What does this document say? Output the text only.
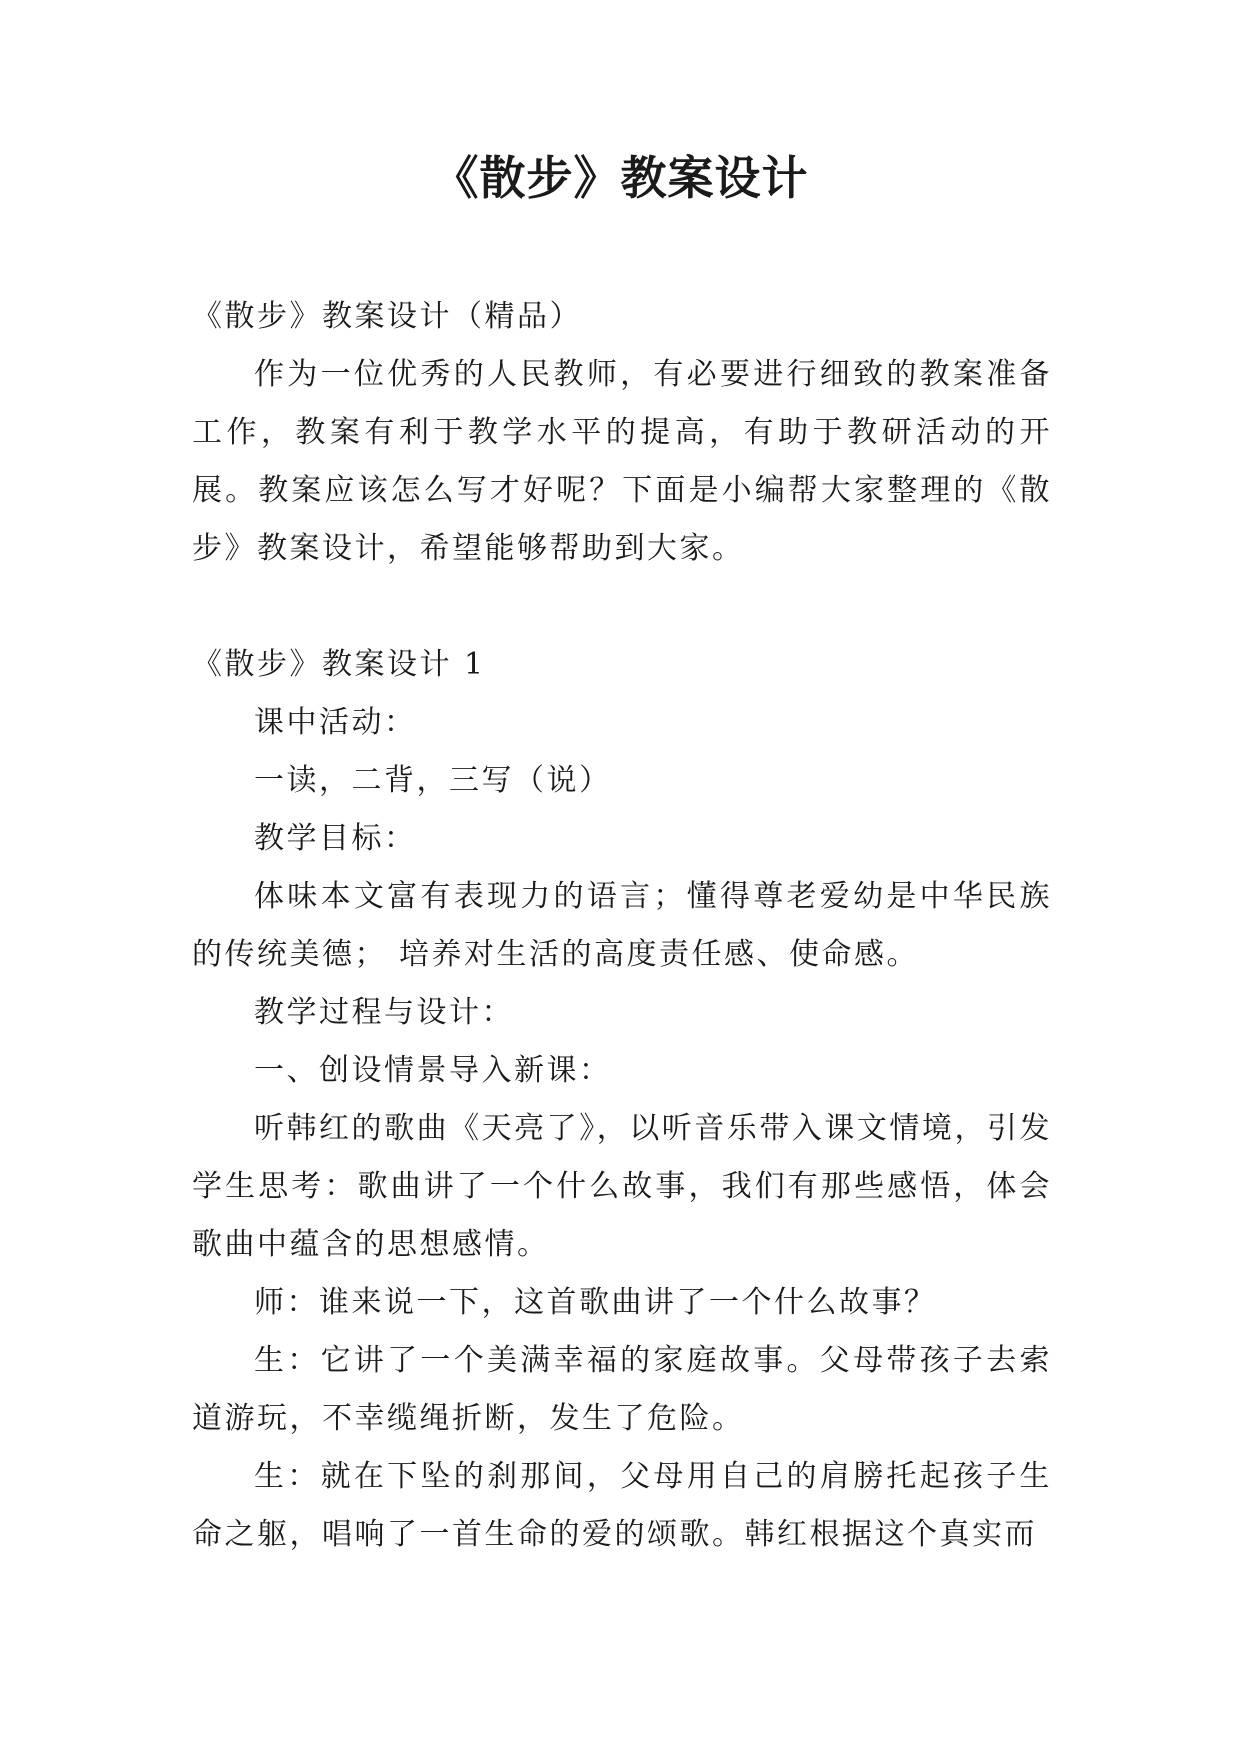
《散步》教案设计

《散步》教案设计（精品）

作为一位优秀的人民教师，有必要进行细致的教案准备工作，教案有利于教学水平的提高，有助于教研活动的开展。教案应该怎么写才好呢？下面是小编帮大家整理的《散步》教案设计，希望能够帮助到大家。

《散步》教案设计 1

课中活动：

一读，二背，三写（说）

教学目标：

体味本文富有表现力的语言；懂得尊老爱幼是中华民族的传统美德； 培养对生活的高度责任感、使命感。

教学过程与设计：

一、创设情景导入新课：

听韩红的歌曲《天亮了》，以听音乐带入课文情境，引发学生思考：歌曲讲了一个什么故事，我们有那些感悟，体会歌曲中蕴含的思想感情。

师：谁来说一下，这首歌曲讲了一个什么故事？

生：它讲了一个美满幸福的家庭故事。父母带孩子去索道游玩，不幸缆绳折断，发生了危险。

生：就在下坠的刹那间，父母用自己的肩膀托起孩子生命之躯，唱响了一首生命的爱的颂歌。韩红根据这个真实而
